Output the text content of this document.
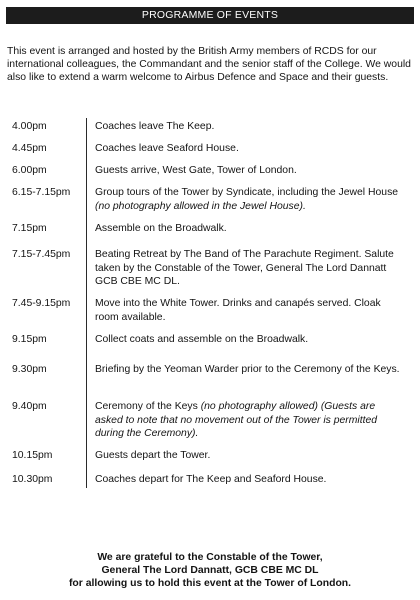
PROGRAMME OF EVENTS

This event is arranged and hosted by the British Army members of RCDS for our international colleagues, the Commandant and the senior staff of the College. We would also like to extend a warm welcome to Airbus Defence and Space and their guests.

4.00pm	Coaches leave The Keep.
4.45pm	Coaches leave Seaford House.
6.00pm	Guests arrive, West Gate, Tower of London.
6.15-7.15pm	Group tours of the Tower by Syndicate, including the Jewel House (no photography allowed in the Jewel House).
7.15pm	Assemble on the Broadwalk.
7.15-7.45pm	Beating Retreat by The Band of The Parachute Regiment. Salute taken by the Constable of the Tower, General The Lord Dannatt GCB CBE MC DL.
7.45-9.15pm	Move into the White Tower. Drinks and canapés served. Cloak room available.
9.15pm	Collect coats and assemble on the Broadwalk.
9.30pm	Briefing by the Yeoman Warder prior to the Ceremony of the Keys.
9.40pm	Ceremony of the Keys (no photography allowed) (Guests are asked to note that no movement out of the Tower is permitted during the Ceremony).
10.15pm	Guests depart the Tower.
10.30pm	Coaches depart for The Keep and Seaford House.
We are grateful to the Constable of the Tower,
General The Lord Dannatt, GCB CBE MC DL
for allowing us to hold this event at the Tower of London.
